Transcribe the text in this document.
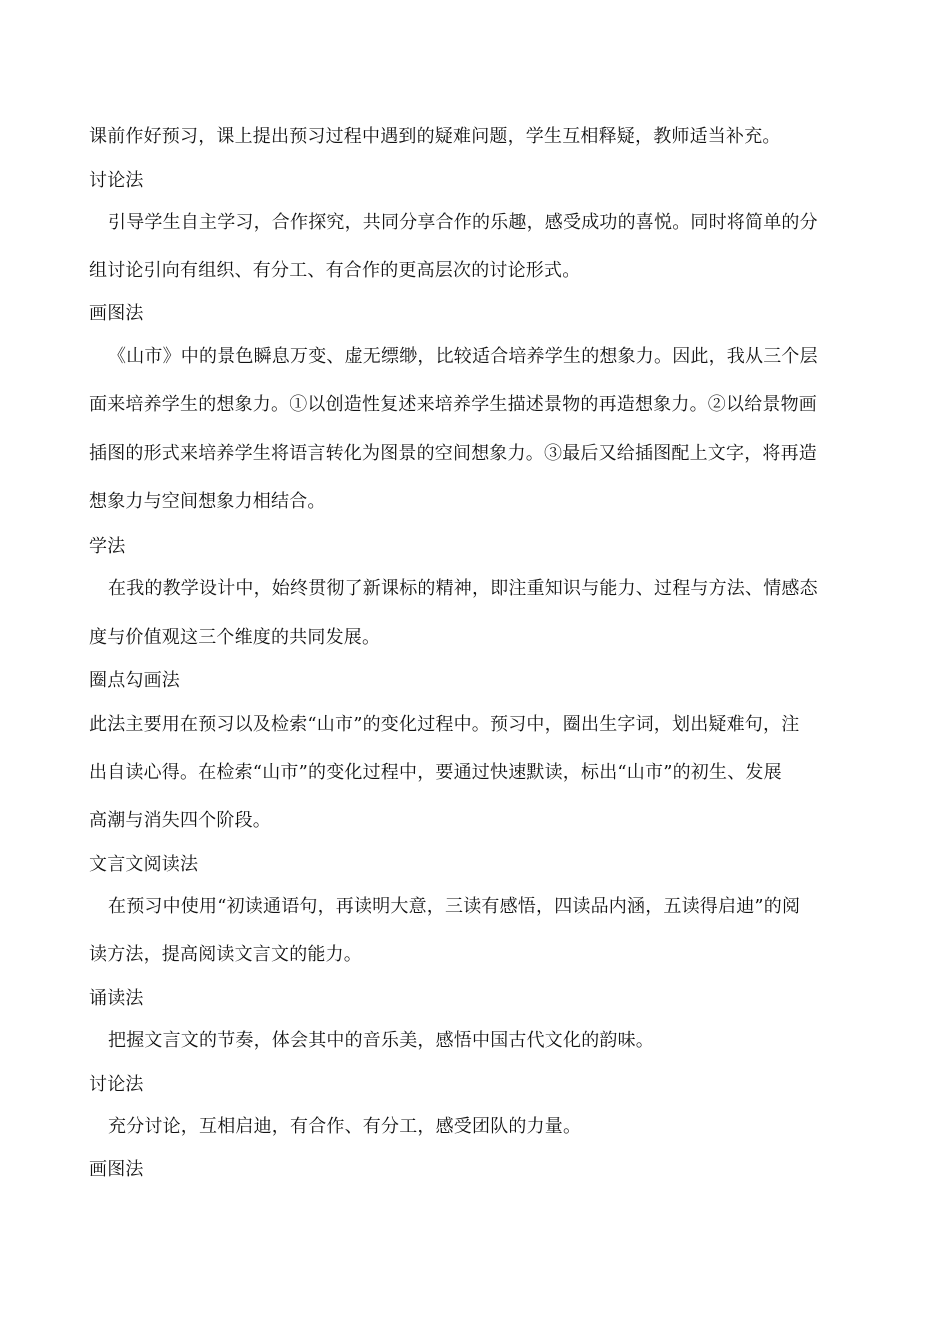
课前作好预习，课上提出预习过程中遇到的疑难问题，学生互相释疑，教师适当补充。
讨论法
引导学生自主学习，合作探究，共同分享合作的乐趣，感受成功的喜悦。同时将简单的分
组讨论引向有组织、有分工、有合作的更高层次的讨论形式。
画图法
《山市》中的景色瞬息万变、虚无缥缈，比较适合培养学生的想象力。因此，我从三个层
面来培养学生的想象力。①以创造性复述来培养学生描述景物的再造想象力。②以给景物画
插图的形式来培养学生将语言转化为图景的空间想象力。③最后又给插图配上文字，将再造
想象力与空间想象力相结合。
学法
在我的教学设计中，始终贯彻了新课标的精神，即注重知识与能力、过程与方法、情感态
度与价值观这三个维度的共同发展。
圈点勾画法
此法主要用在预习以及检索“山市”的变化过程中。预习中，圈出生字词，划出疑难句，注
出自读心得。在检索“山市”的变化过程中，要通过快速默读，标出“山市”的初生、发展
高潮与消失四个阶段。
文言文阅读法
在预习中使用“初读通语句，再读明大意，三读有感悟，四读品内涵，五读得启迪”的阅
读方法，提高阅读文言文的能力。
诵读法
把握文言文的节奏，体会其中的音乐美，感悟中国古代文化的韵味。
讨论法
充分讨论，互相启迪，有合作、有分工，感受团队的力量。
画图法
